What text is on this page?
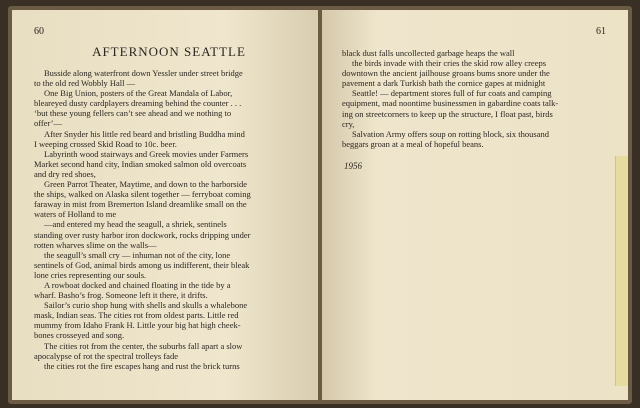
60
AFTERNOON SEATTLE

Busside along waterfront down Yessler under street bridge

to the old red Wobbly Hall —

One Big Union, posters of the Great Mandala of Labor,

bleareyed dusty cardplayers dreaming behind the counter . . .

‘but these young fellers can’t see ahead and we nothing to

offer’—

After Snyder his little red beard and bristling Buddha mind

I weeping crossed Skid Road to 10c. beer.

Labyrinth wood stairways and Greek movies under Farmers

Market second hand city, Indian smoked salmon old overcoats

and dry red shoes,

Green Parrot Theater, Maytime, and down to the harborside

the ships, walked on Alaska silent together — ferryboat coming

faraway in mist from Bremerton Island dreamlike small on the

waters of Holland to me

—and entered my head the seagull, a shriek, sentinels

standing over rusty harbor iron dockwork, rocks dripping under

rotten wharves slime on the walls—

the seagull’s small cry — inhuman not of the city, lone

sentinels of God, animal birds among us indifferent, their bleak

lone cries representing our souls.

A rowboat docked and chained floating in the tide by a

wharf. Basho’s frog. Someone left it there, it drifts.

Sailor’s curio shop hung with shells and skulls a whalebone

mask, Indian seas. The cities rot from oldest parts. Little red

mummy from Idaho Frank H. Little your big hat high cheek-

bones crosseyed and song.

The cities rot from the center, the suburbs fall apart a slow

apocalypse of rot the spectral trolleys fade

the cities rot the fire escapes hang and rust the brick turns

61

black dust falls uncollected garbage heaps the wall

the birds invade with their cries the skid row alley creeps

downtown the ancient jailhouse groans bums snore under the

pavement a dark Turkish bath the cornice gapes at midnight

Seattle! — department stores full of fur coats and camping

equipment, mad noontime businessmen in gabardine coats talk-

ing on streetcorners to keep up the structure, I float past, birds

cry,

Salvation Army offers soup on rotting block, six thousand

beggars groan at a meal of hopeful beans.

1956
